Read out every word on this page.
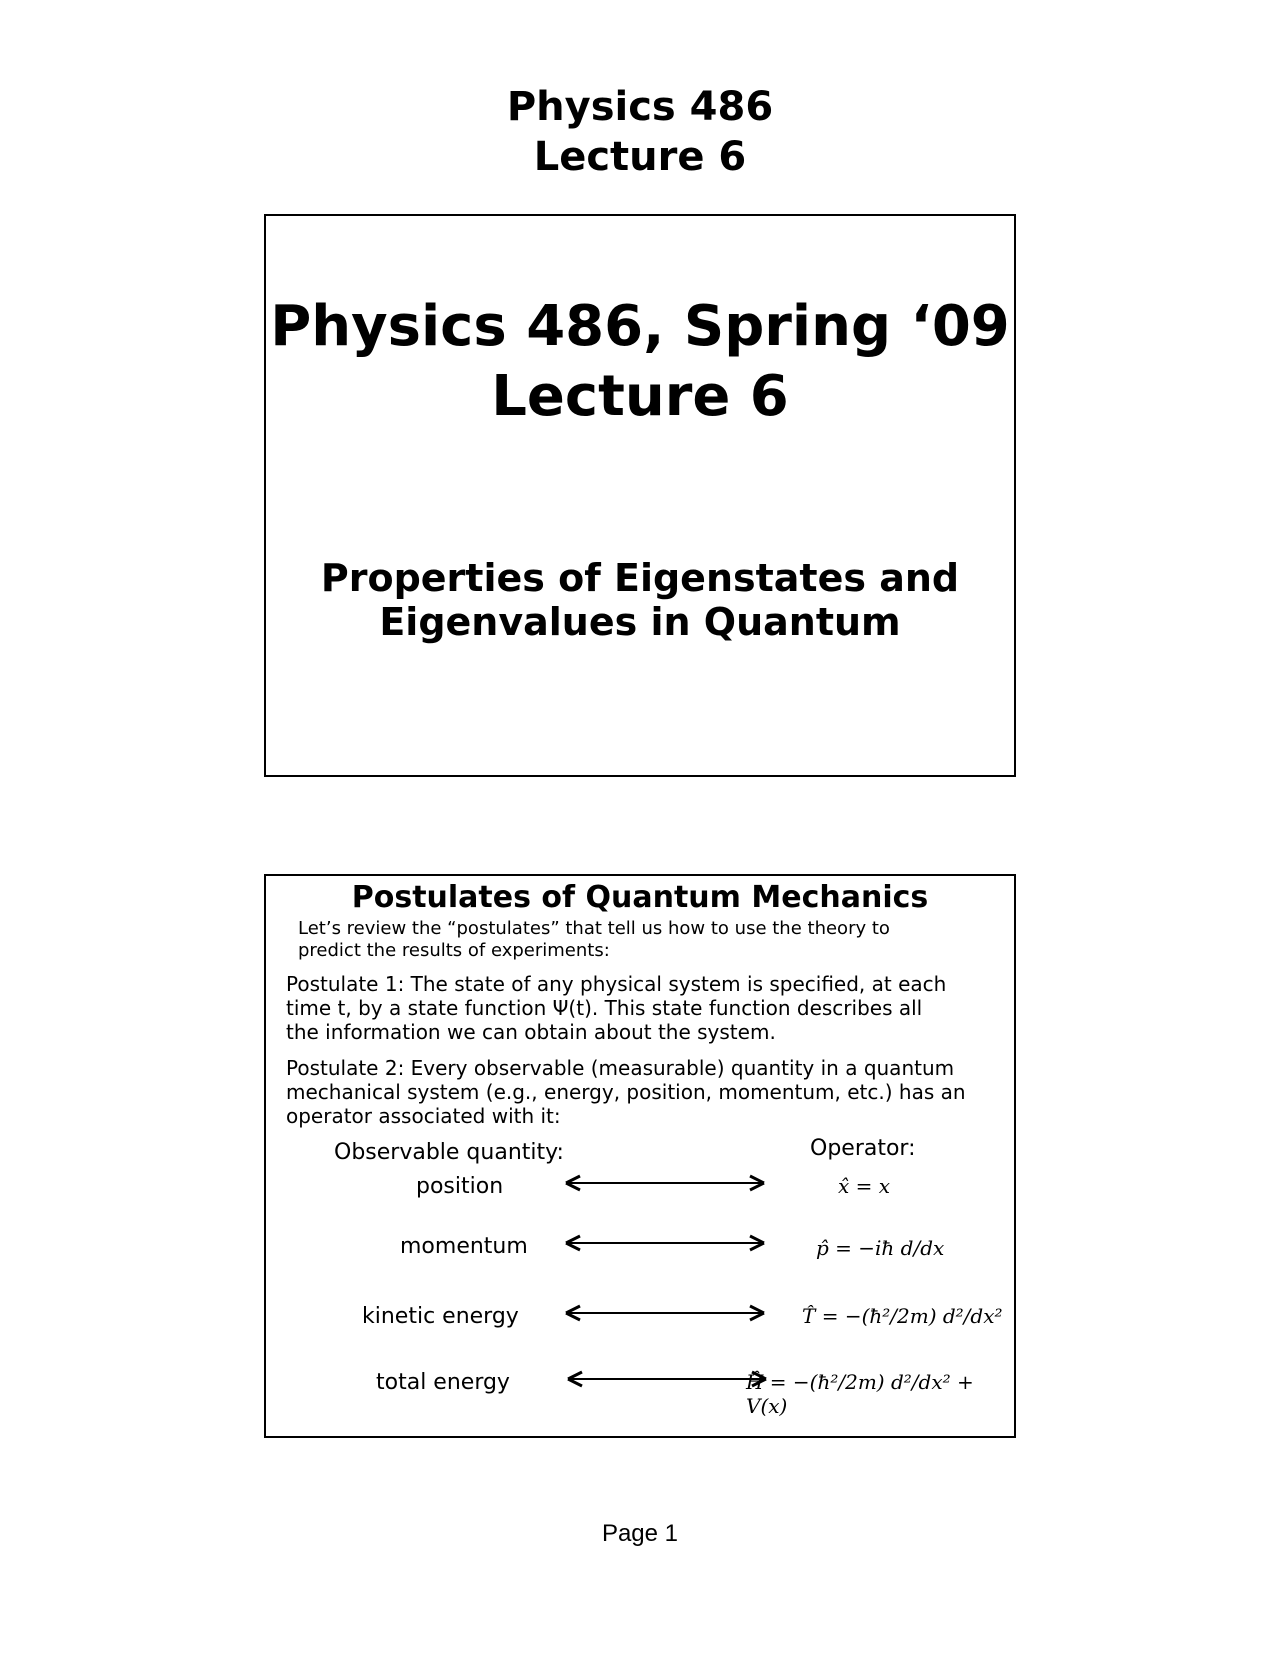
Physics 486
Lecture 6
Physics 486, Spring ‘09
Lecture 6
Properties of Eigenstates and
Eigenvalues in Quantum
Postulates of Quantum Mechanics
Let’s review the “postulates” that tell us how to use the theory to
predict the results of experiments:
Postulate 1: The state of any physical system is specified, at each
time t, by a state function Ψ(t). This state function describes all
the information we can obtain about the system.
Postulate 2: Every observable (measurable) quantity in a quantum
mechanical system (e.g., energy, position, momentum, etc.) has an
operator associated with it:
Observable quantity:	Operator:
position
momentum
kinetic energy
total energy
x̂ = x
p̂ = −iħ d/dx
T̂ = −(ħ²/2m) d²/dx²
Ĥ = −(ħ²/2m) d²/dx² + V(x)
Page 1
